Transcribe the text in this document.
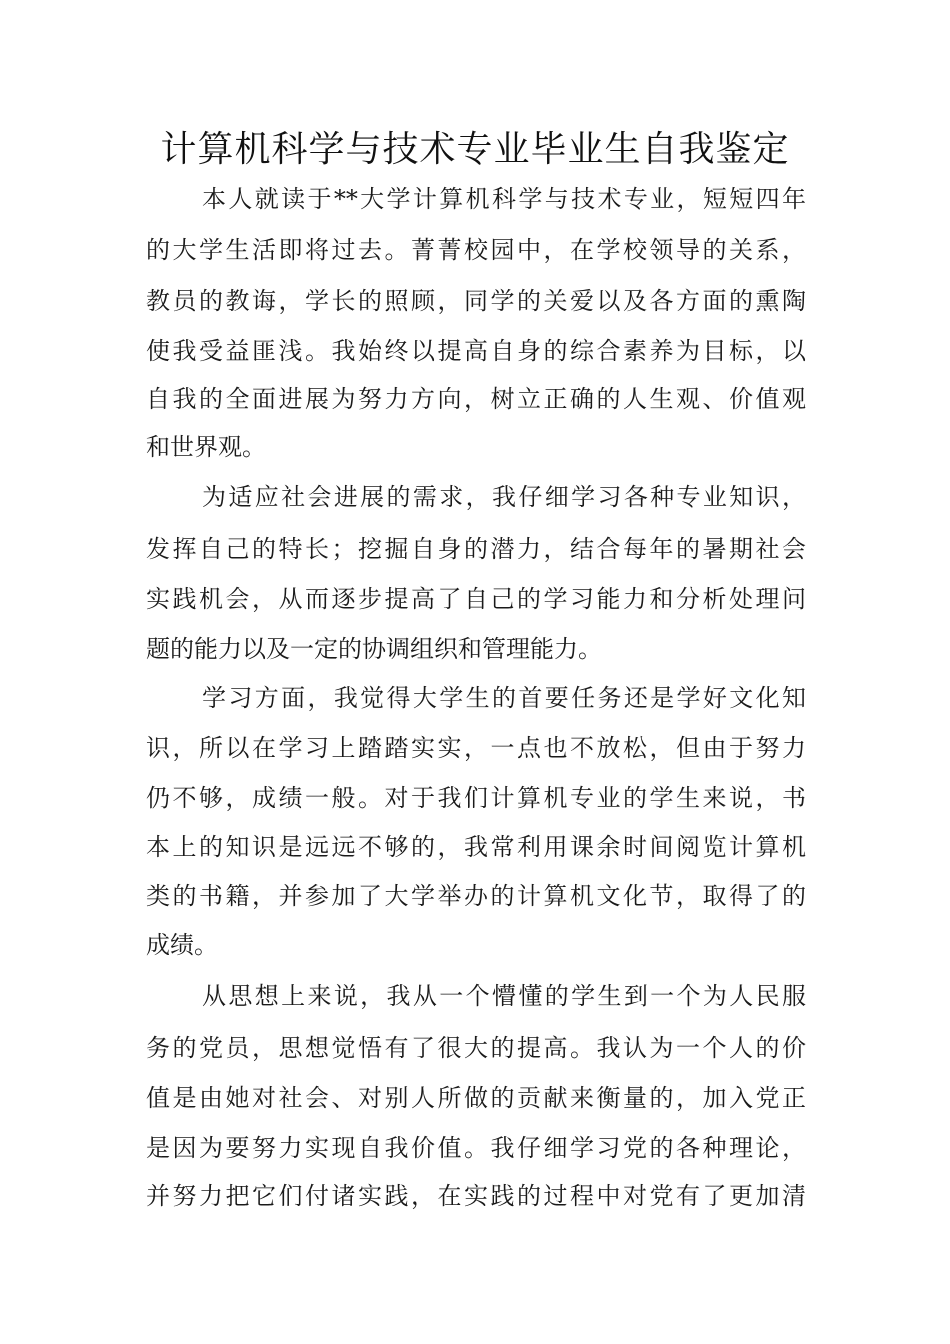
计算机科学与技术专业毕业生自我鉴定
本人就读于**大学计算机科学与技术专业，短短四年
的大学生活即将过去。菁菁校园中，在学校领导的关系，
教员的教诲，学长的照顾，同学的关爱以及各方面的熏陶
使我受益匪浅。我始终以提高自身的综合素养为目标，以
自我的全面进展为努力方向，树立正确的人生观、价值观
和世界观。
为适应社会进展的需求，我仔细学习各种专业知识，
发挥自己的特长；挖掘自身的潜力，结合每年的暑期社会
实践机会，从而逐步提高了自己的学习能力和分析处理问
题的能力以及一定的协调组织和管理能力。
学习方面，我觉得大学生的首要任务还是学好文化知
识，所以在学习上踏踏实实，一点也不放松，但由于努力
仍不够，成绩一般。对于我们计算机专业的学生来说，书
本上的知识是远远不够的，我常利用课余时间阅览计算机
类的书籍，并参加了大学举办的计算机文化节，取得了的
成绩。
从思想上来说，我从一个懵懂的学生到一个为人民服
务的党员，思想觉悟有了很大的提高。我认为一个人的价
值是由她对社会、对别人所做的贡献来衡量的，加入党正
是因为要努力实现自我价值。我仔细学习党的各种理论，
并努力把它们付诸实践，在实践的过程中对党有了更加清
